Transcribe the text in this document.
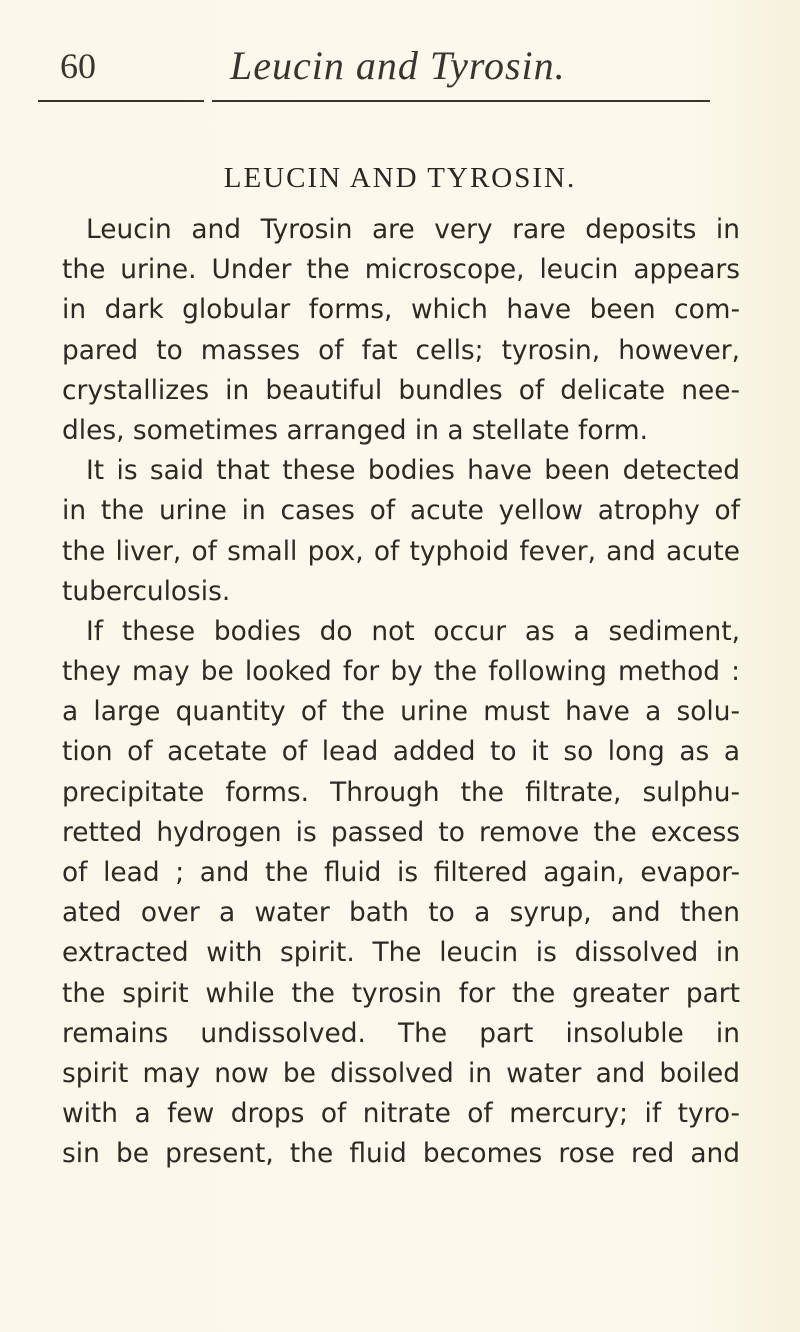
60	Leucin and Tyrosin.
LEUCIN AND TYROSIN.
Leucin and Tyrosin are very rare deposits in
the urine. Under the microscope, leucin appears
in dark globular forms, which have been com-
pared to masses of fat cells; tyrosin, however,
crystallizes in beautiful bundles of delicate nee-
dles, sometimes arranged in a stellate form.
It is said that these bodies have been detected
in the urine in cases of acute yellow atrophy of
the liver, of small pox, of typhoid fever, and acute
tuberculosis.
If these bodies do not occur as a sediment,
they may be looked for by the following method :
a large quantity of the urine must have a solu-
tion of acetate of lead added to it so long as a
precipitate forms. Through the filtrate, sulphu-
retted hydrogen is passed to remove the excess
of lead ; and the fluid is filtered again, evapor-
ated over a water bath to a syrup, and then
extracted with spirit. The leucin is dissolved in
the spirit while the tyrosin for the greater part
remains undissolved. The part insoluble in
spirit may now be dissolved in water and boiled
with a few drops of nitrate of mercury; if tyro-
sin be present, the fluid becomes rose red and
